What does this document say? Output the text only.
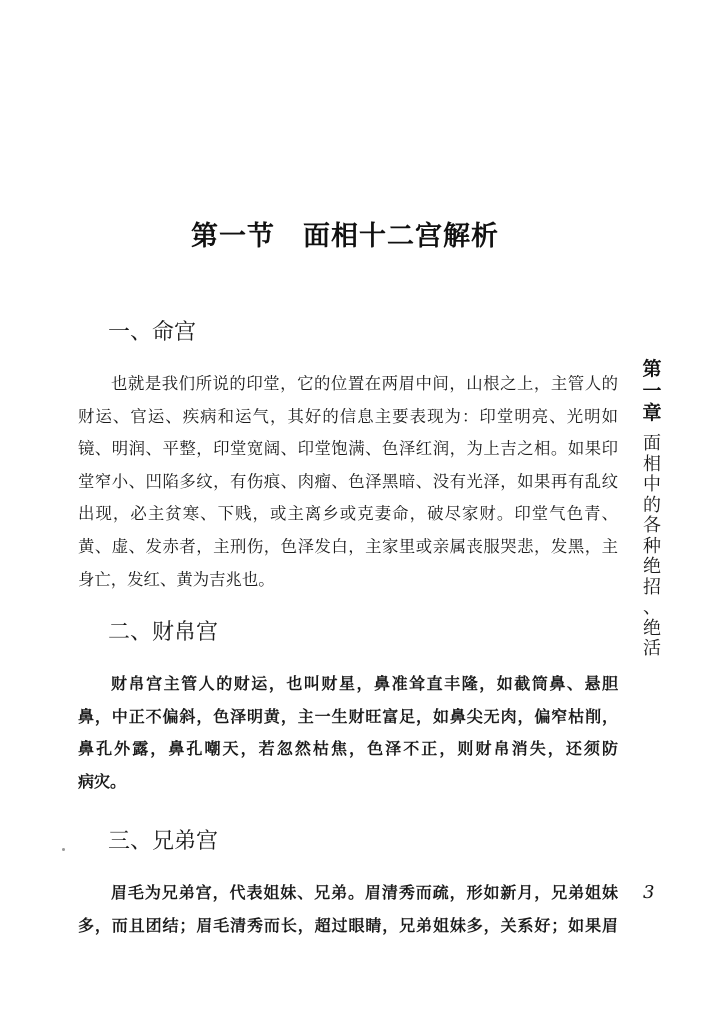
第一节　面相十二宫解析
一、命宫
也就是我们所说的印堂，它的位置在两眉中间，山根之上，主管人的
财运、官运、疾病和运气，其好的信息主要表现为：印堂明亮、光明如
镜、明润、平整，印堂宽阔、印堂饱满、色泽红润，为上吉之相。如果印
堂窄小、凹陷多纹，有伤痕、肉瘤、色泽黑暗、没有光泽，如果再有乱纹
出现，必主贫寒、下贱，或主离乡或克妻命，破尽家财。印堂气色青、
黄、虚、发赤者，主刑伤，色泽发白，主家里或亲属丧服哭悲，发黑，主
身亡，发红、黄为吉兆也。
二、财帛宫
财帛宫主管人的财运，也叫财星，鼻准耸直丰隆，如截筒鼻、悬胆
鼻，中正不偏斜，色泽明黄，主一生财旺富足，如鼻尖无肉，偏窄枯削，
鼻孔外露，鼻孔嘲天，若忽然枯焦，色泽不正，则财帛消失，还须防
病灾。
三、兄弟宫
眉毛为兄弟宫，代表姐妹、兄弟。眉清秀而疏，形如新月，兄弟姐妹
多，而且团结；眉毛清秀而长，超过眼睛，兄弟姐妹多，关系好；如果眉
第
一
章
面
相
中
的
各
种
绝
招
、
绝
活
3
